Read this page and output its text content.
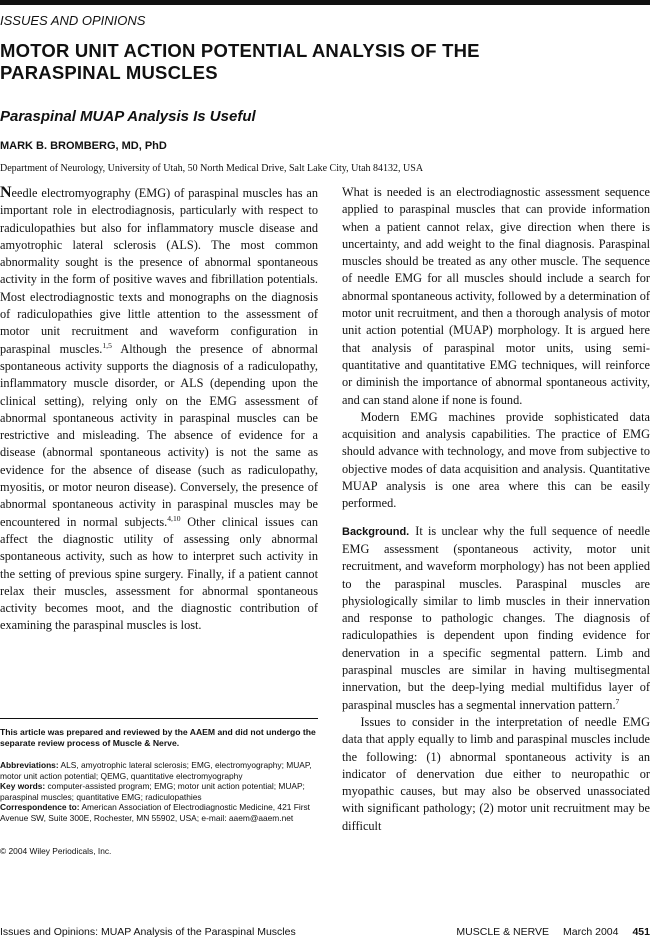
ISSUES AND OPINIONS
MOTOR UNIT ACTION POTENTIAL ANALYSIS OF THE PARASPINAL MUSCLES
Paraspinal MUAP Analysis Is Useful
MARK B. BROMBERG, MD, PhD
Department of Neurology, University of Utah, 50 North Medical Drive, Salt Lake City, Utah 84132, USA

Needle electromyography (EMG) of paraspinal muscles has an important role in electrodiagnosis, particularly with respect to radiculopathies but also for inflammatory muscle disease and amyotrophic lateral sclerosis (ALS). The most common abnormality sought is the presence of abnormal spontaneous activity in the form of positive waves and fibrillation potentials. Most electrodiagnostic texts and monographs on the diagnosis of radiculopathies give little attention to the assessment of motor unit recruitment and waveform configuration in paraspinal muscles.$^{1,5}$ Although the presence of abnormal spontaneous activity supports the diagnosis of a radiculopathy, inflammatory muscle disorder, or ALS (depending upon the clinical setting), relying only on the EMG assessment of abnormal spontaneous activity in paraspinal muscles can be restrictive and misleading. The absence of evidence for a disease (abnormal spontaneous activity) is not the same as evidence for the absence of disease (such as radiculopathy, myositis, or motor neuron disease). Conversely, the presence of abnormal spontaneous activity in paraspinal muscles may be encountered in normal subjects.$^{4,10}$ Other clinical issues can affect the diagnostic utility of assessing only abnormal spontaneous activity, such as how to interpret such activity in the setting of previous spine surgery. Finally, if a patient cannot relax their muscles, assessment for abnormal spontaneous activity becomes moot, and the diagnostic contribution of examining the paraspinal muscles is lost.

What is needed is an electrodiagnostic assessment sequence applied to paraspinal muscles that can provide information when a patient cannot relax, give direction when there is uncertainty, and add weight to the final diagnosis. Paraspinal muscles should be treated as any other muscle. The sequence of needle EMG for all muscles should include a search for abnormal spontaneous activity, followed by a determination of motor unit recruitment, and then a thorough analysis of motor unit action potential (MUAP) morphology. It is argued here that analysis of paraspinal motor units, using semi-quantitative and quantitative EMG techniques, will reinforce or diminish the importance of abnormal spontaneous activity, and can stand alone if none is found.

Modern EMG machines provide sophisticated data acquisition and analysis capabilities. The practice of EMG should advance with technology, and move from subjective to objective modes of data acquisition and analysis. Quantitative MUAP analysis is one area where this can be easily performed.

Background. It is unclear why the full sequence of needle EMG assessment (spontaneous activity, motor unit recruitment, and waveform morphology) has not been applied to the paraspinal muscles. Paraspinal muscles are physiologically similar to limb muscles in their innervation and response to pathologic changes. The diagnosis of radiculopathies is dependent upon finding evidence for denervation in a specific segmental pattern. Limb and paraspinal muscles are similar in having multisegmental innervation, but the deep-lying medial multifidus layer of paraspinal muscles has a segmental innervation pattern.$^7$

Issues to consider in the interpretation of needle EMG data that apply equally to limb and paraspinal muscles include the following: (1) abnormal spontaneous activity is an indicator of denervation due either to neuropathic or myopathic causes, but may also be observed unassociated with significant pathology; (2) motor unit recruitment may be difficult

This article was prepared and reviewed by the AAEM and did not undergo the separate review process of Muscle & Nerve.

Abbreviations: ALS, amyotrophic lateral sclerosis; EMG, electromyography; MUAP, motor unit action potential; QEMG, quantitative electromyography

Key words: computer-assisted program; EMG; motor unit action potential; MUAP; paraspinal muscles; quantitative EMG; radiculopathies

Correspondence to: American Association of Electrodiagnostic Medicine, 421 First Avenue SW, Suite 300E, Rochester, MN 55902, USA; e-mail: aaem@aaem.net

© 2004 Wiley Periodicals, Inc.
Issues and Opinions: MUAP Analysis of the Paraspinal Muscles	MUSCLE & NERVE March 2004 451
